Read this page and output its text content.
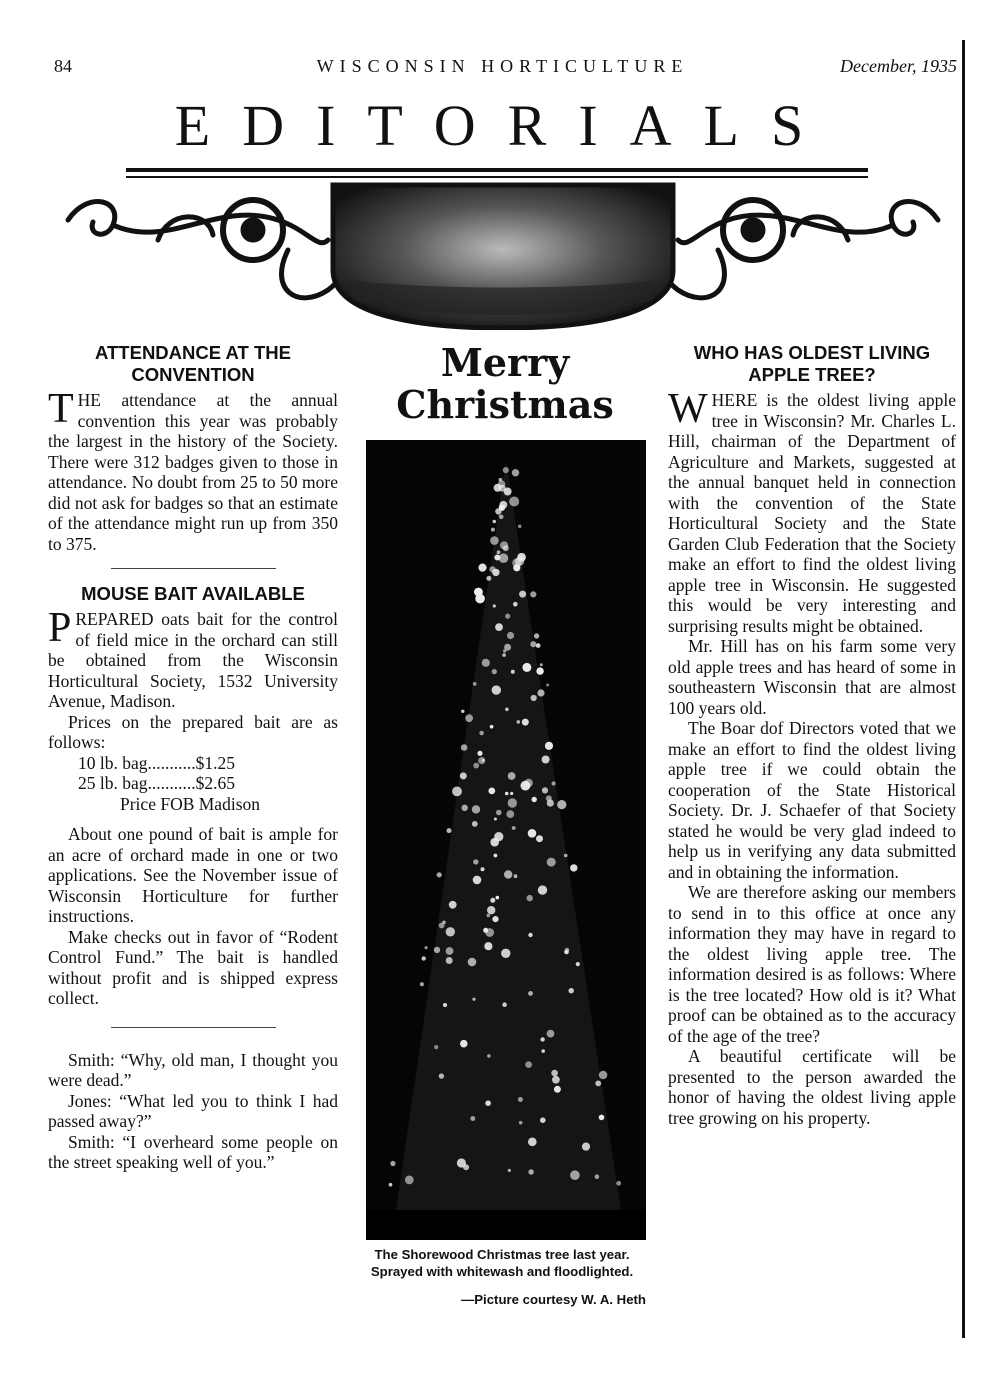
84	WISCONSIN HORTICULTURE	December, 1935
EDITORIALS
ATTENDANCE AT THE CONVENTION

THE attendance at the annual convention this year was probably the largest in the history of the Society. There were 312 badges given to those in attendance. No doubt from 25 to 50 more did not ask for badges so that an estimate of the attendance might run up from 350 to 375.

MOUSE BAIT AVAILABLE

PREPARED oats bait for the control of field mice in the orchard can still be obtained from the Wisconsin Horticultural Society, 1532 University Avenue, Madison.

Prices on the prepared bait are as follows:

10 lb. bag...........$1.25

25 lb. bag...........$2.65

Price FOB Madison

About one pound of bait is ample for an acre of orchard made in one or two applications. See the November issue of Wisconsin Horticulture for further instructions.

Make checks out in favor of “Rodent Control Fund.” The bait is handled without profit and is shipped express collect.

Smith: “Why, old man, I thought you were dead.”

Jones: “What led you to think I had passed away?”

Smith: “I overheard some people on the street speaking well of you.”

Merry
Christmas
The Shorewood Christmas tree last year. Sprayed with whitewash and floodlighted.
—Picture courtesy W. A. Heth
WHO HAS OLDEST LIVING APPLE TREE?

WHERE is the oldest living apple tree in Wisconsin? Mr. Charles L. Hill, chairman of the Department of Agriculture and Markets, suggested at the annual banquet held in connection with the convention of the State Horticultural Society and the State Garden Club Federation that the Society make an effort to find the oldest living apple tree in Wisconsin. He suggested this would be very interesting and surprising results might be obtained.

Mr. Hill has on his farm some very old apple trees and has heard of some in southeastern Wisconsin that are almost 100 years old.

The Boar dof Directors voted that we make an effort to find the oldest living apple tree if we could obtain the cooperation of the State Historical Society. Dr. J. Schaefer of that Society stated he would be very glad indeed to help us in verifying any data submitted and in obtaining the information.

We are therefore asking our members to send in to this office at once any information they may have in regard to the oldest living apple tree. The information desired is as follows: Where is the tree located? How old is it? What proof can be obtained as to the accuracy of the age of the tree?

A beautiful certificate will be presented to the person awarded the honor of having the oldest living apple tree growing on his property.
